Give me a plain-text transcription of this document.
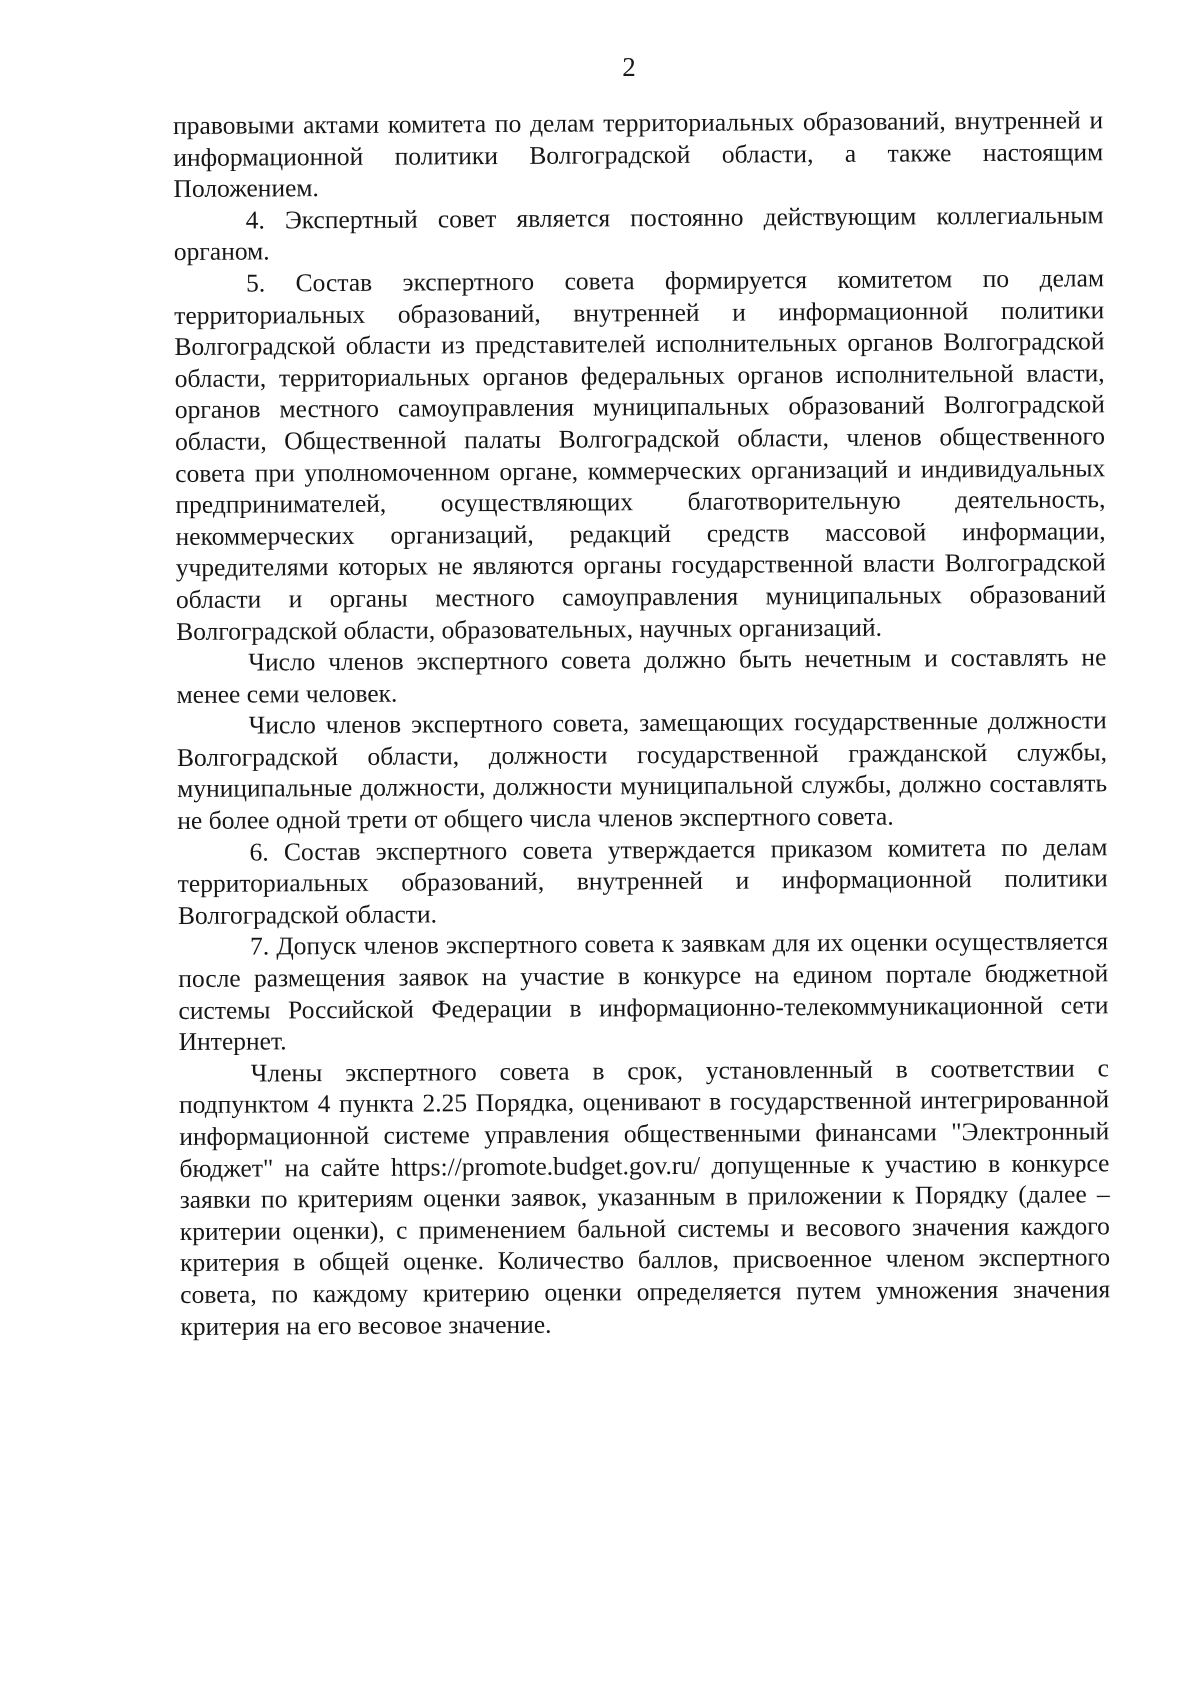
2

правовыми актами комитета по делам территориальных образований, внутренней и информационной политики Волгоградской области, а также настоящим Положением.

4. Экспертный совет является постоянно действующим коллегиальным органом.

5. Состав экспертного совета формируется комитетом по делам территориальных образований, внутренней и информационной политики Волгоградской области из представителей исполнительных органов Волгоградской области, территориальных органов федеральных органов исполнительной власти, органов местного самоуправления муниципальных образований Волгоградской области, Общественной палаты Волгоградской области, членов общественного совета при уполномоченном органе, коммерческих организаций и индивидуальных предпринимателей, осуществляющих благотворительную деятельность, некоммерческих организаций, редакций средств массовой информации, учредителями которых не являются органы государственной власти Волгоградской области и органы местного самоуправления муниципальных образований Волгоградской области, образовательных, научных организаций.

Число членов экспертного совета должно быть нечетным и составлять не менее семи человек.

Число членов экспертного совета, замещающих государственные должности Волгоградской области, должности государственной гражданской службы, муниципальные должности, должности муниципальной службы, должно составлять не более одной трети от общего числа членов экспертного совета.

6. Состав экспертного совета утверждается приказом комитета по делам территориальных образований, внутренней и информационной политики Волгоградской области.

7. Допуск членов экспертного совета к заявкам для их оценки осуществляется после размещения заявок на участие в конкурсе на едином портале бюджетной системы Российской Федерации в информационно-телекоммуникационной сети Интернет.

Члены экспертного совета в срок, установленный в соответствии с подпунктом 4 пункта 2.25 Порядка, оценивают в государственной интегрированной информационной системе управления общественными финансами "Электронный бюджет" на сайте https://promote.budget.gov.ru/ допущенные к участию в конкурсе заявки по критериям оценки заявок, указанным в приложении к Порядку (далее – критерии оценки), с применением бальной системы и весового значения каждого критерия в общей оценке. Количество баллов, присвоенное членом экспертного совета, по каждому критерию оценки определяется путем умножения значения критерия на его весовое значение.
